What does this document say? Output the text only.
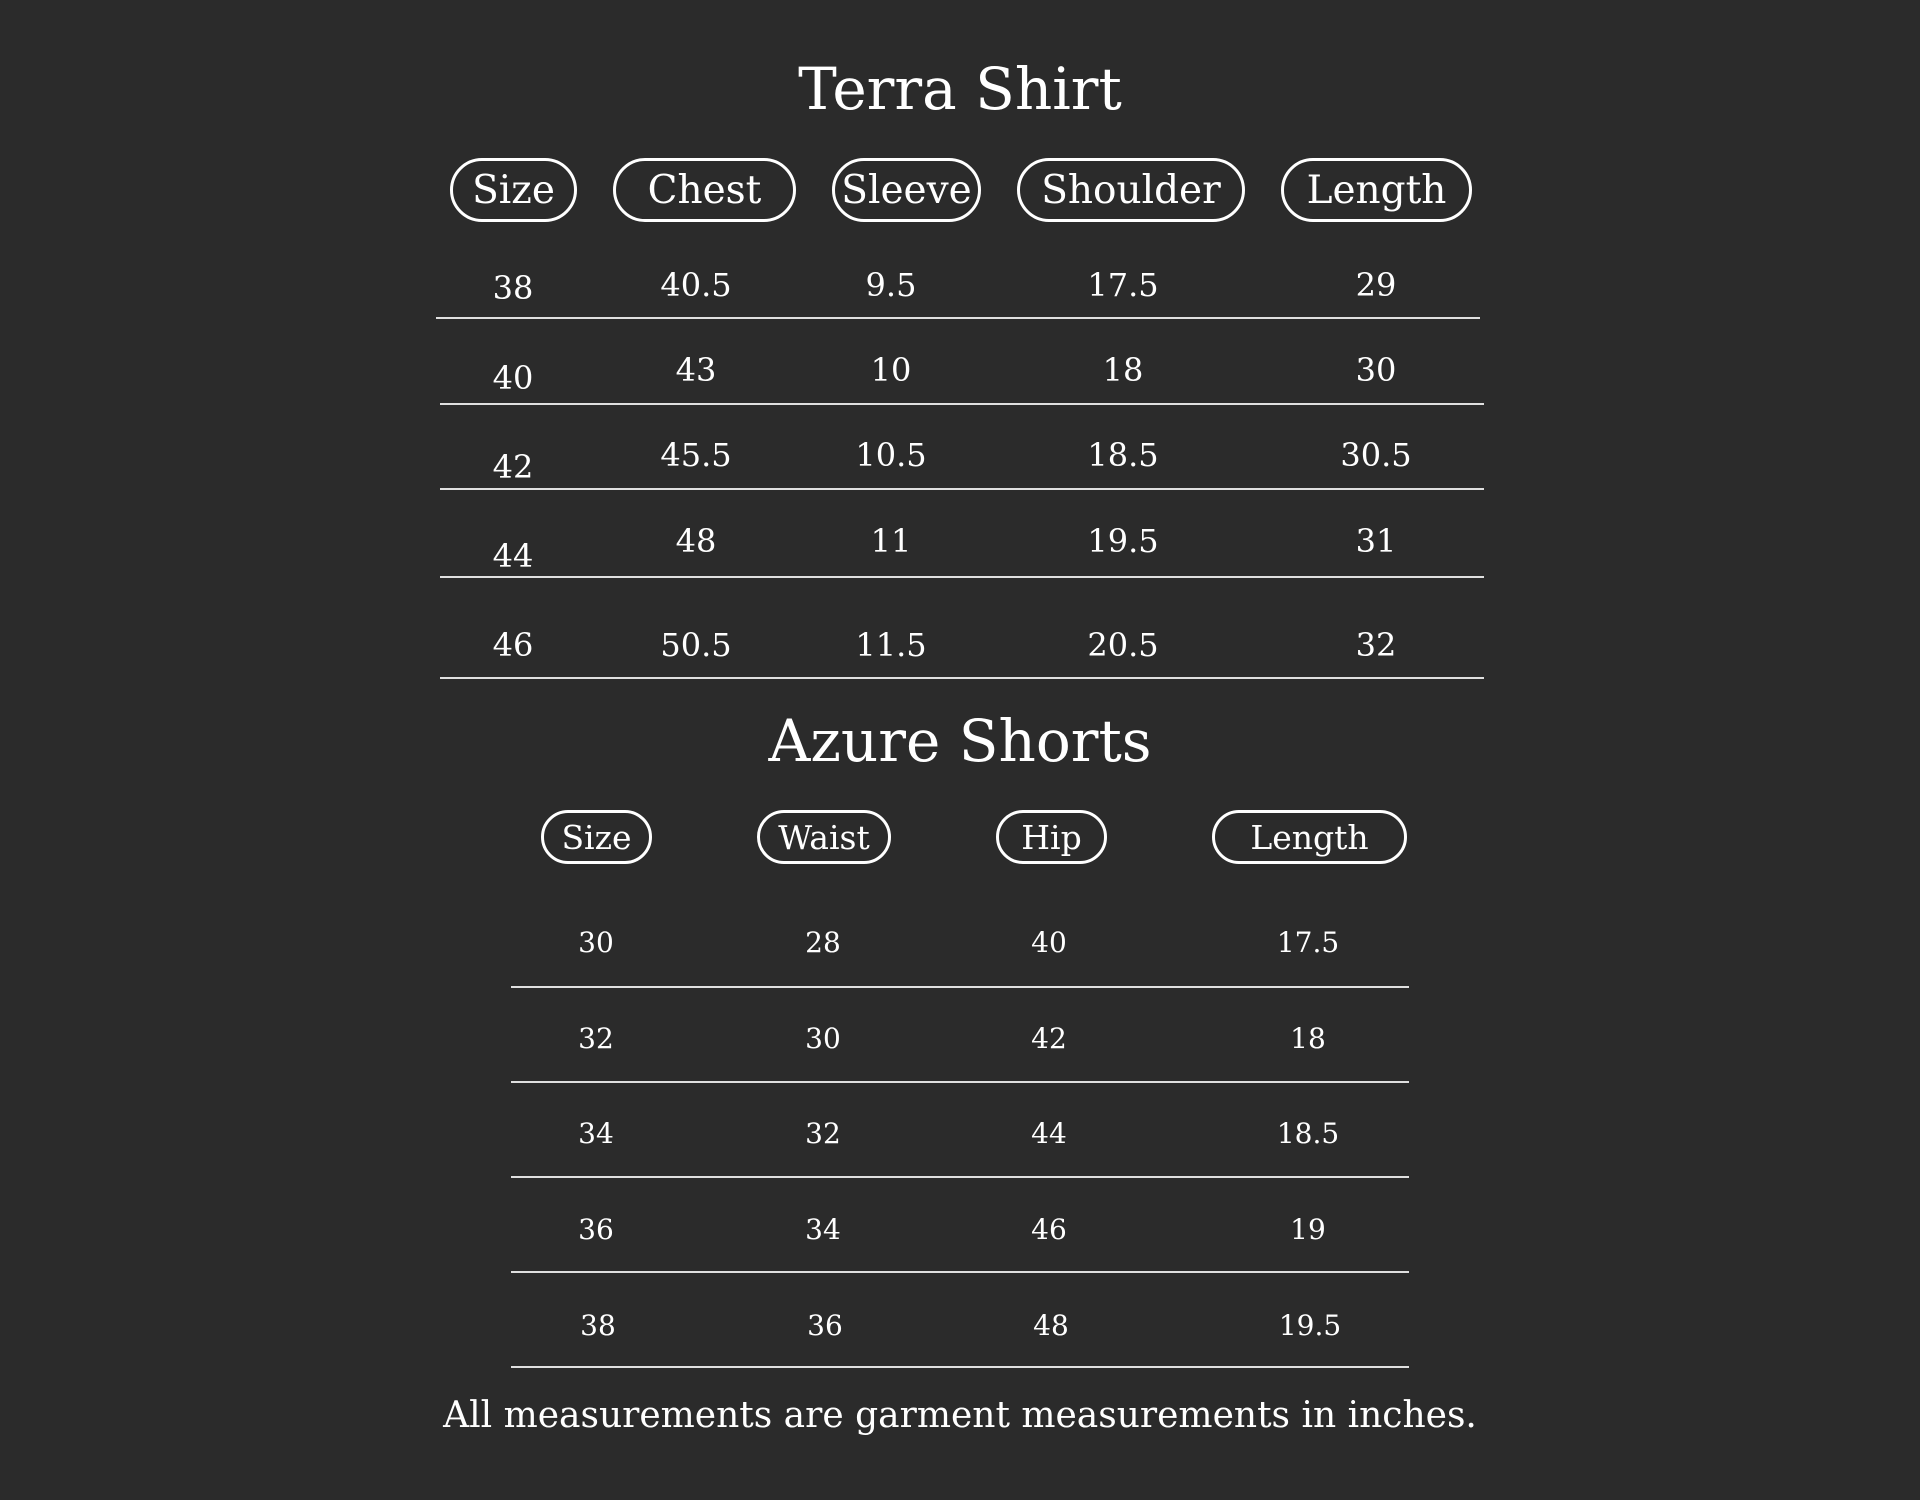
Terra Shirt
Size	Chest	Sleeve	Shoulder	Length
38	40.5	9.5	17.5	29
40	43	10	18	30
42	45.5	10.5	18.5	30.5
44	48	11	19.5	31
46	50.5	11.5	20.5	32
Azure Shorts
Size	Waist	Hip	Length
30	28	40	17.5
32	30	42	18
34	32	44	18.5
36	34	46	19
38	36	48	19.5
All measurements are garment measurements in inches.
